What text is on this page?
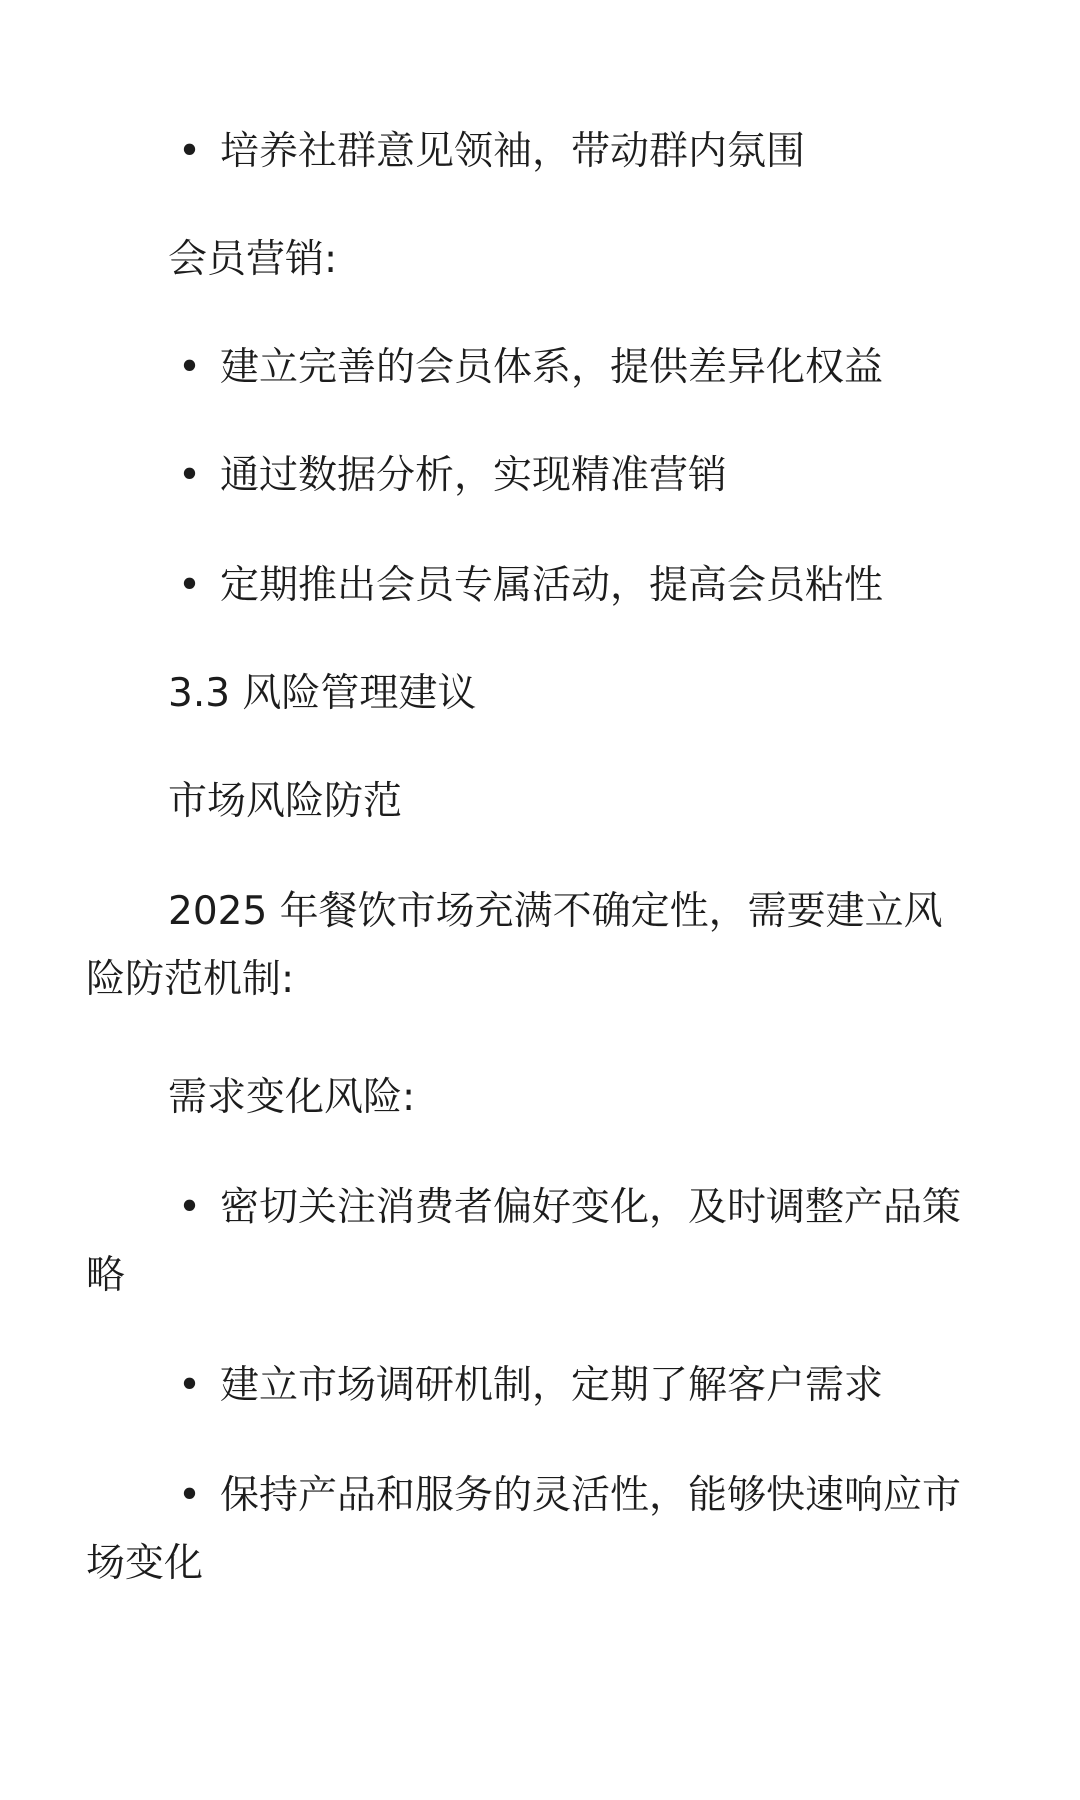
• 培养社群意见领袖，带动群内氛围
会员营销:
• 建立完善的会员体系，提供差异化权益
• 通过数据分析，实现精准营销
• 定期推出会员专属活动，提高会员粘性
3.3 风险管理建议
市场风险防范
2025 年餐饮市场充满不确定性，需要建立风
险防范机制:
需求变化风险:
• 密切关注消费者偏好变化，及时调整产品策
略
• 建立市场调研机制，定期了解客户需求
• 保持产品和服务的灵活性，能够快速响应市
场变化
